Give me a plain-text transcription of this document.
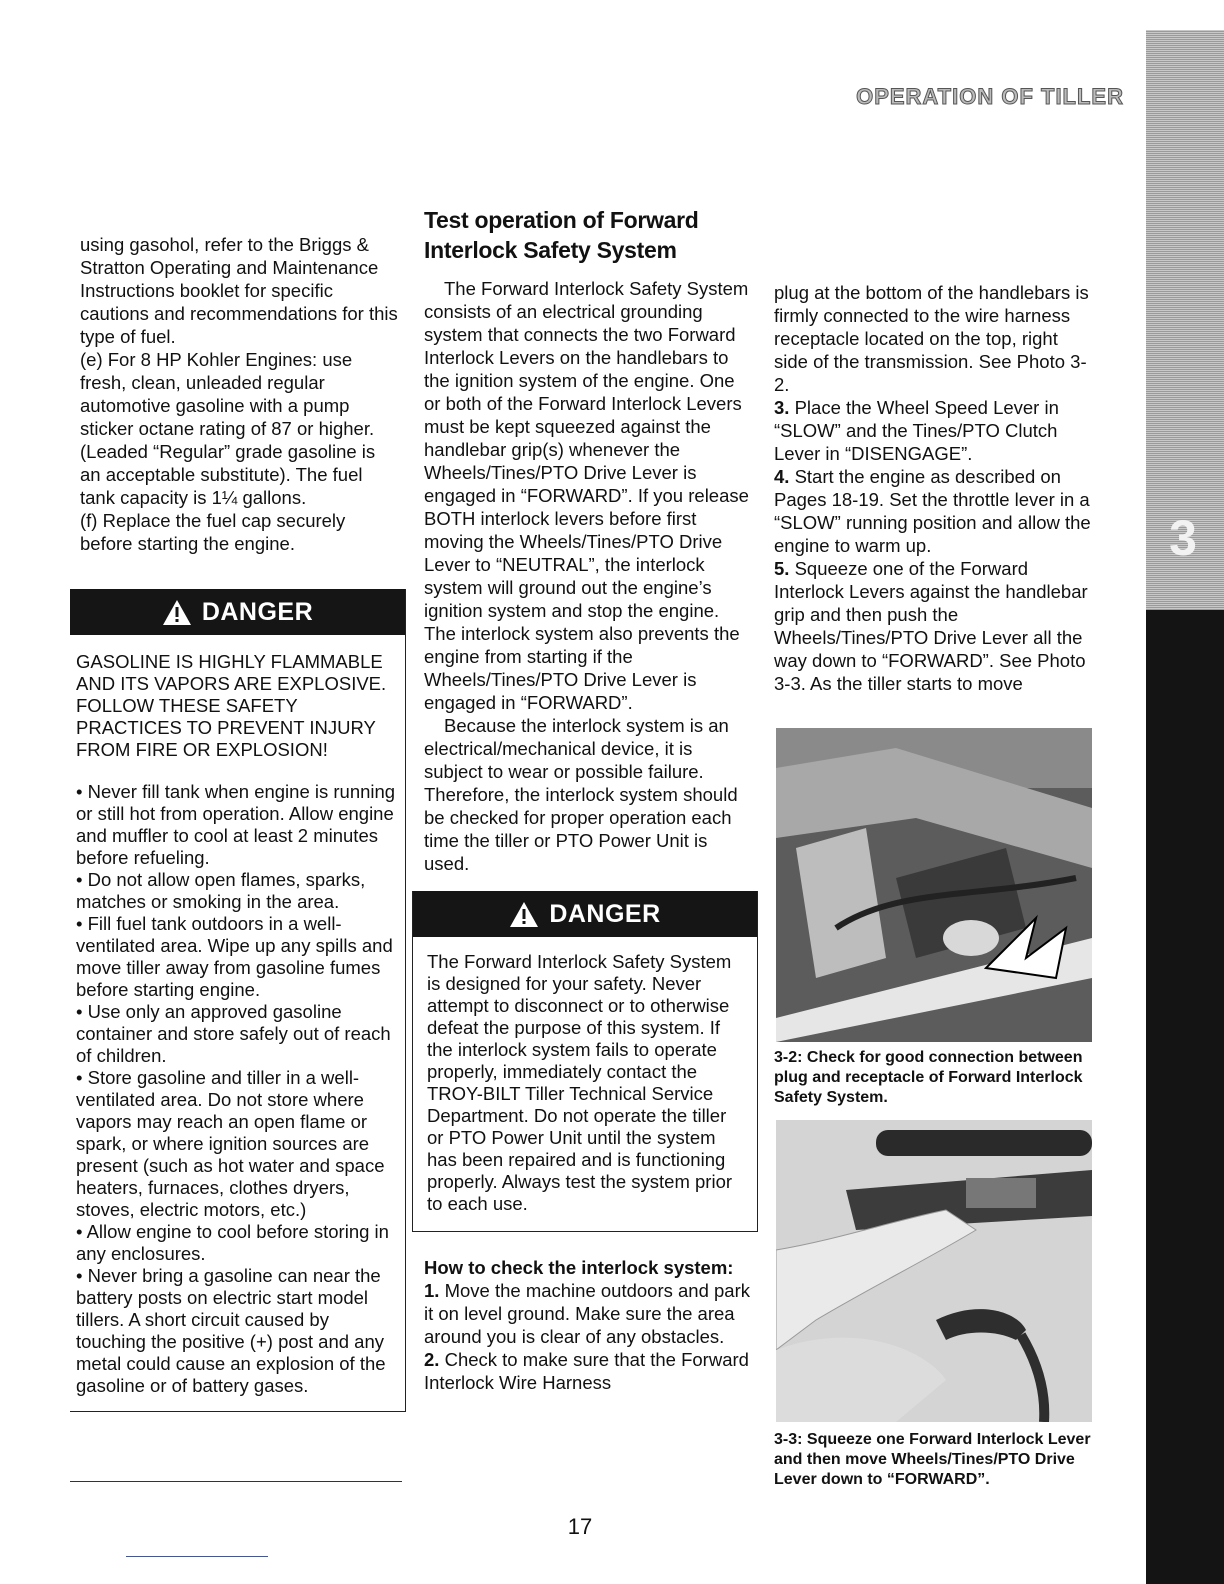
3
OPERATION OF TILLER

using gasohol, refer to the Briggs & Stratton Operating and Maintenance Instructions booklet for specific cautions and recommendations for this type of fuel.

(e) For 8 HP Kohler Engines: use fresh, clean, unleaded regular automotive gasoline with a pump sticker octane rating of 87 or higher. (Leaded “Regular” grade gasoline is an acceptable substitute). The fuel tank capacity is 1¼ gallons.

(f) Replace the fuel cap securely before starting the engine.

DANGER

GASOLINE IS HIGHLY FLAMMABLE AND ITS VAPORS ARE EXPLOSIVE. FOLLOW THESE SAFETY PRACTICES TO PREVENT INJURY FROM FIRE OR EXPLOSION!

• Never fill tank when engine is running or still hot from operation. Allow engine and muffler to cool at least 2 minutes before refueling.

• Do not allow open flames, sparks, matches or smoking in the area.

• Fill fuel tank outdoors in a well-ventilated area. Wipe up any spills and move tiller away from gasoline fumes before starting engine.

• Use only an approved gasoline container and store safely out of reach of children.

• Store gasoline and tiller in a well-ventilated area. Do not store where vapors may reach an open flame or spark, or where ignition sources are present (such as hot water and space heaters, furnaces, clothes dryers, stoves, electric motors, etc.)

• Allow engine to cool before storing in any enclosures.

• Never bring a gasoline can near the battery posts on electric start model tillers. A short circuit caused by touching the positive (+) post and any metal could cause an explosion of the gasoline or of battery gases.

Test operation of Forward Interlock Safety System

The Forward Interlock Safety System consists of an electrical grounding system that connects the two Forward Interlock Levers on the handlebars to the ignition system of the engine. One or both of the Forward Interlock Levers must be kept squeezed against the handlebar grip(s) whenever the Wheels/Tines/PTO Drive Lever is engaged in “FORWARD”. If you release BOTH interlock levers before first moving the Wheels/Tines/PTO Drive Lever to “NEUTRAL”, the interlock system will ground out the engine’s ignition system and stop the engine. The interlock system also prevents the engine from starting if the Wheels/Tines/PTO Drive Lever is engaged in “FORWARD”.

Because the interlock system is an electrical/mechanical device, it is subject to wear or possible failure. Therefore, the interlock system should be checked for proper operation each time the tiller or PTO Power Unit is used.

DANGER

The Forward Interlock Safety System is designed for your safety. Never attempt to disconnect or to otherwise defeat the purpose of this system. If the interlock system fails to operate properly, immediately contact the TROY-BILT Tiller Technical Service Department. Do not operate the tiller or PTO Power Unit until the system has been repaired and is functioning properly. Always test the system prior to each use.

How to check the interlock system:

1. Move the machine outdoors and park it on level ground. Make sure the area around you is clear of any obstacles.

2. Check to make sure that the Forward Interlock Wire Harness

plug at the bottom of the handlebars is firmly connected to the wire harness receptacle located on the top, right side of the transmission. See Photo 3-2.

3. Place the Wheel Speed Lever in “SLOW” and the Tines/PTO Clutch Lever in “DISENGAGE”.

4. Start the engine as described on Pages 18-19. Set the throttle lever in a “SLOW” running position and allow the engine to warm up.

5. Squeeze one of the Forward Interlock Levers against the handlebar grip and then push the Wheels/Tines/PTO Drive Lever all the way down to “FORWARD”. See Photo 3-3. As the tiller starts to move

3-2: Check for good connection between plug and receptacle of Forward Interlock Safety System.
3-3: Squeeze one Forward Interlock Lever and then move Wheels/Tines/PTO Drive Lever down to “FORWARD”.
17
